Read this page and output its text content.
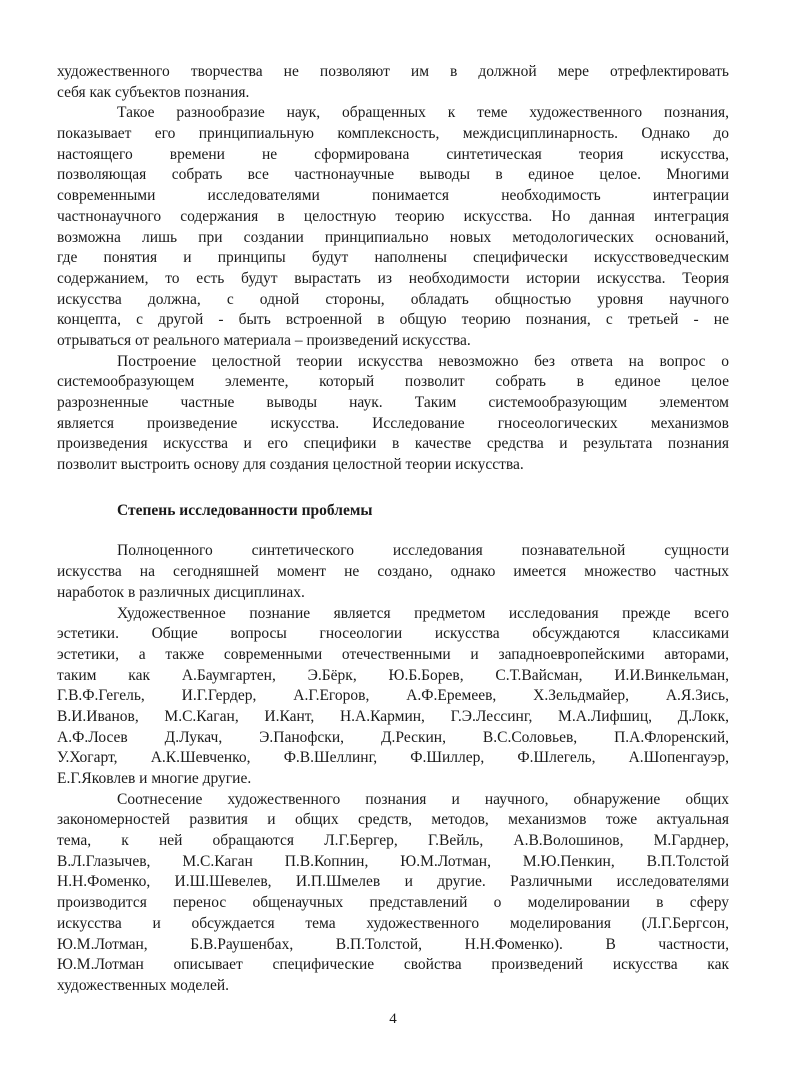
художественного творчества не позволяют им в должной мере отрефлектировать
себя как субъектов познания.
Такое разнообразие наук, обращенных к теме художественного познания,
показывает его принципиальную комплексность, междисциплинарность. Однако до
настоящего времени не сформирована синтетическая теория искусства,
позволяющая собрать все частнонаучные выводы в единое целое. Многими
современными исследователями понимается необходимость интеграции
частнонаучного содержания в целостную теорию искусства. Но данная интеграция
возможна лишь при создании принципиально новых методологических оснований,
где понятия и принципы будут наполнены специфически искусствоведческим
содержанием, то есть будут вырастать из необходимости истории искусства. Теория
искусства должна, с одной стороны, обладать общностью уровня научного
концепта, с другой - быть встроенной в общую теорию познания, с третьей - не
отрываться от реального материала – произведений искусства.
Построение целостной теории искусства невозможно без ответа на вопрос о
системообразующем элементе, который позволит собрать в единое целое
разрозненные частные выводы наук. Таким системообразующим элементом
является произведение искусства. Исследование гносеологических механизмов
произведения искусства и его специфики в качестве средства и результата познания
позволит выстроить основу для создания целостной теории искусства.
Степень исследованности проблемы
Полноценного синтетического исследования познавательной сущности
искусства на сегодняшней момент не создано, однако имеется множество частных
наработок в различных дисциплинах.
Художественное познание является предметом исследования прежде всего
эстетики. Общие вопросы гносеологии искусства обсуждаются классиками
эстетики, а также современными отечественными и западноевропейскими авторами,
таким как А.Баумгартен, Э.Бёрк, Ю.Б.Борев, С.Т.Вайсман, И.И.Винкельман,
Г.В.Ф.Гегель, И.Г.Гердер, А.Г.Егоров, А.Ф.Еремеев, Х.Зельдмайер, А.Я.Зись,
В.И.Иванов, М.С.Каган, И.Кант, Н.А.Кармин, Г.Э.Лессинг, М.А.Лифшиц, Д.Локк,
А.Ф.Лосев Д.Лукач, Э.Панофски, Д.Рескин, В.С.Соловьев, П.А.Флоренский,
У.Хогарт, А.К.Шевченко, Ф.В.Шеллинг, Ф.Шиллер, Ф.Шлегель, А.Шопенгауэр,
Е.Г.Яковлев и многие другие.
Соотнесение художественного познания и научного, обнаружение общих
закономерностей развития и общих средств, методов, механизмов тоже актуальная
тема, к ней обращаются Л.Г.Бергер, Г.Вейль, А.В.Волошинов, М.Гарднер,
В.Л.Глазычев, М.С.Каган П.В.Копнин, Ю.М.Лотман, М.Ю.Пенкин, В.П.Толстой
Н.Н.Фоменко, И.Ш.Шевелев, И.П.Шмелев и другие. Различными исследователями
производится перенос общенаучных представлений о моделировании в сферу
искусства и обсуждается тема художественного моделирования (Л.Г.Бергсон,
Ю.М.Лотман, Б.В.Раушенбах, В.П.Толстой, Н.Н.Фоменко). В частности,
Ю.М.Лотман описывает специфические свойства произведений искусства как
художественных моделей.
4
